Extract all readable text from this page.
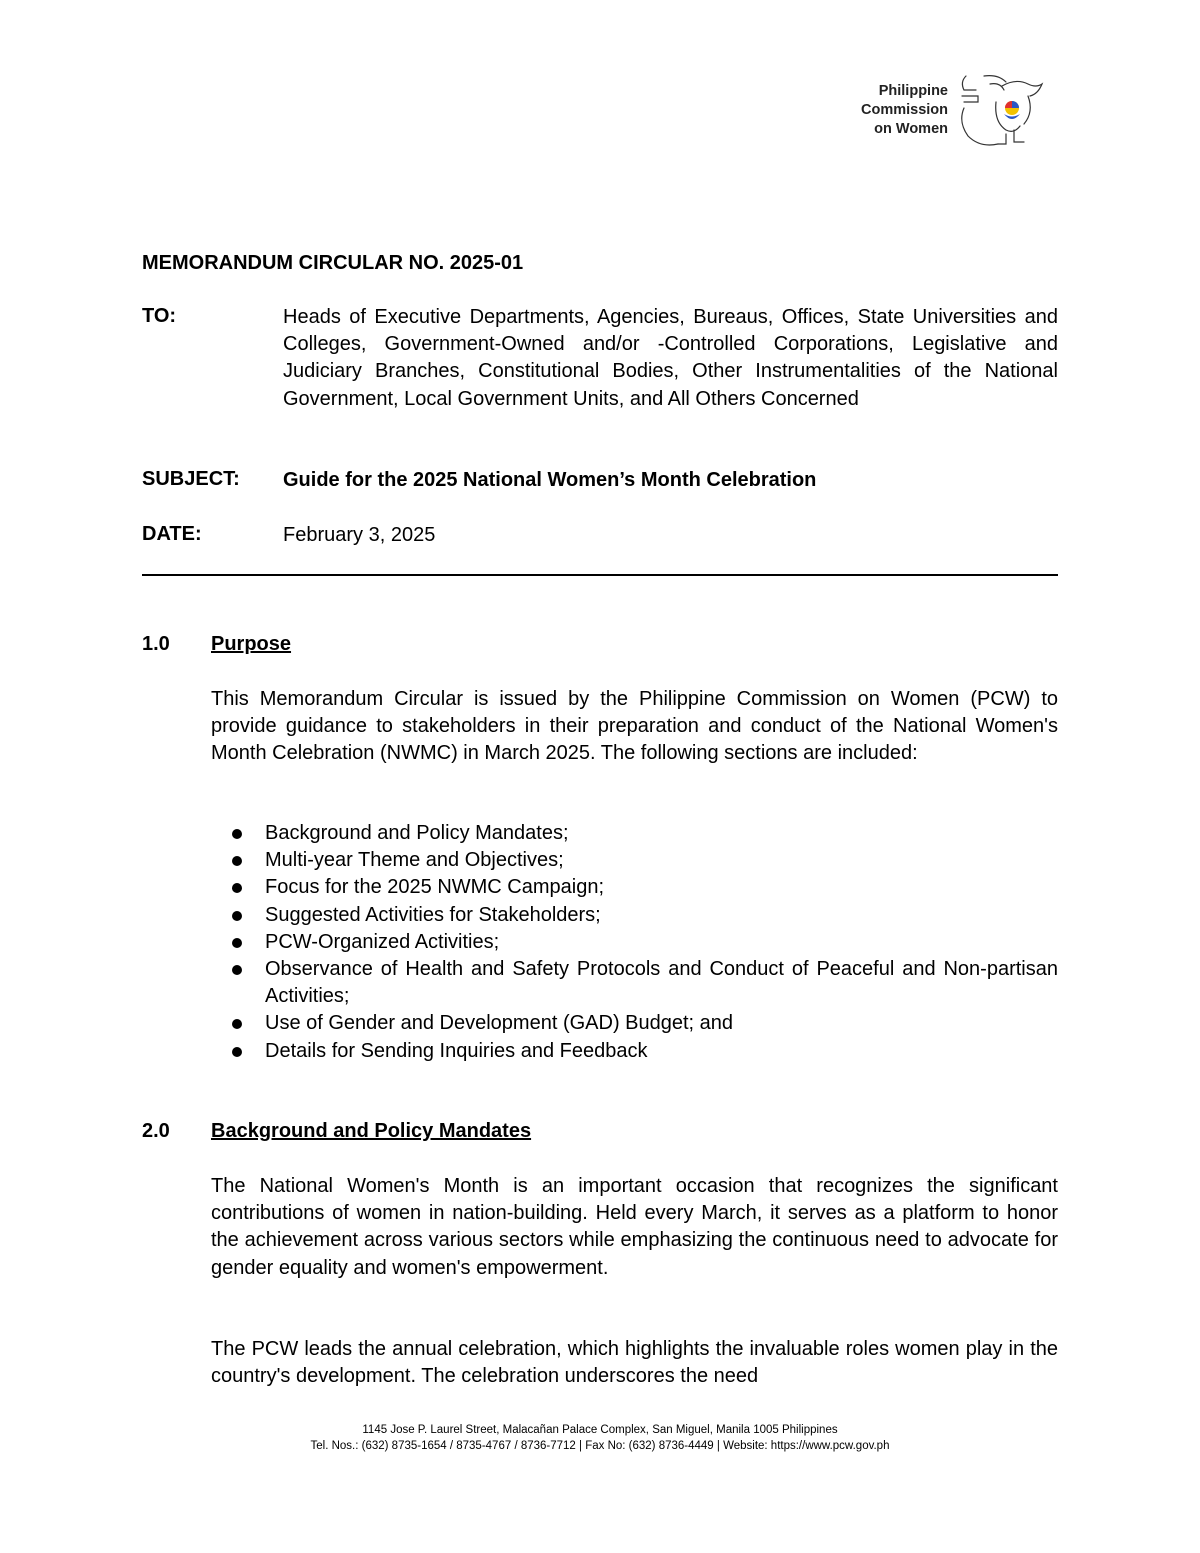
Philippine
Commission
on Women
MEMORANDUM CIRCULAR NO. 2025-01
TO:	Heads of Executive Departments, Agencies, Bureaus, Offices, State Universities and Colleges, Government-Owned and/or -Controlled Corporations, Legislative and Judiciary Branches, Constitutional Bodies, Other Instrumentalities of the National Government, Local Government Units, and All Others Concerned
SUBJECT: Guide for the 2025 National Women’s Month Celebration
DATE:	February 3, 2025
1.0 Purpose

This Memorandum Circular is issued by the Philippine Commission on Women (PCW) to provide guidance to stakeholders in their preparation and conduct of the National Women's Month Celebration (NWMC) in March 2025. The following sections are included:

Background and Policy Mandates;
Multi-year Theme and Objectives;
Focus for the 2025 NWMC Campaign;
Suggested Activities for Stakeholders;
PCW-Organized Activities;
Observance of Health and Safety Protocols and Conduct of Peaceful and Non-partisan Activities;
Use of Gender and Development (GAD) Budget; and
Details for Sending Inquiries and Feedback
2.0 Background and Policy Mandates

The National Women's Month is an important occasion that recognizes the significant contributions of women in nation-building. Held every March, it serves as a platform to honor the achievement across various sectors while emphasizing the continuous need to advocate for gender equality and women's empowerment.

The PCW leads the annual celebration, which highlights the invaluable roles women play in the country's development. The celebration underscores the need

1145 Jose P. Laurel Street, Malacañan Palace Complex, San Miguel, Manila 1005 Philippines
Tel. Nos.: (632) 8735-1654 / 8735-4767 / 8736-7712 | Fax No: (632) 8736-4449 | Website: https://www.pcw.gov.ph
